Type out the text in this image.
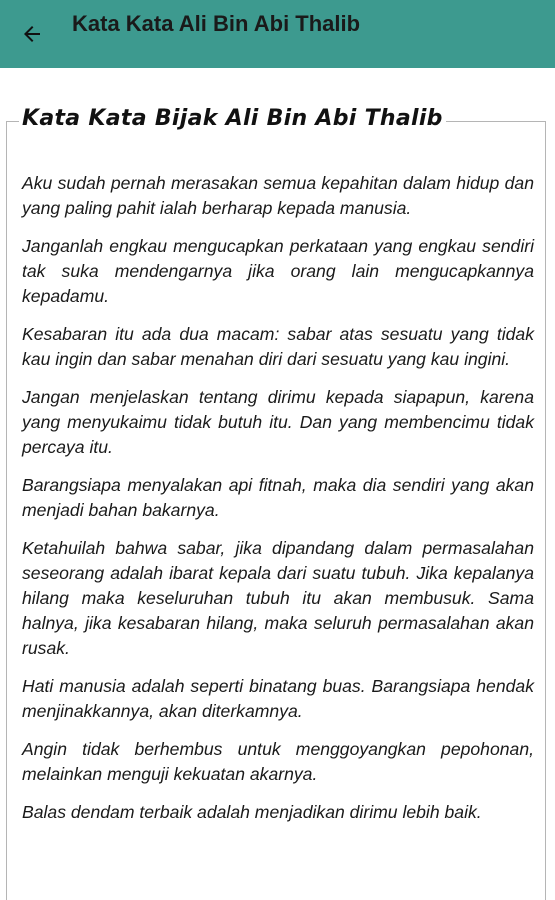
Kata Kata Ali Bin Abi Thalib
Kata Kata Bijak Ali Bin Abi Thalib

Aku sudah pernah merasakan semua kepahitan dalam hidup dan yang paling pahit ialah berharap kepada manusia.

Janganlah engkau mengucapkan perkataan yang engkau sendiri tak suka mendengarnya jika orang lain mengucapkannya kepadamu.

Kesabaran itu ada dua macam: sabar atas sesuatu yang tidak kau ingin dan sabar menahan diri dari sesuatu yang kau ingini.

Jangan menjelaskan tentang dirimu kepada siapapun, karena yang menyukaimu tidak butuh itu. Dan yang membencimu tidak percaya itu.

Barangsiapa menyalakan api fitnah, maka dia sendiri yang akan menjadi bahan bakarnya.

Ketahuilah bahwa sabar, jika dipandang dalam permasalahan seseorang adalah ibarat kepala dari suatu tubuh. Jika kepalanya hilang maka keseluruhan tubuh itu akan membusuk. Sama halnya, jika kesabaran hilang, maka seluruh permasalahan akan rusak.

Hati manusia adalah seperti binatang buas. Barangsiapa hendak menjinakkannya, akan diterkamnya.

Angin tidak berhembus untuk menggoyangkan pepohonan, melainkan menguji kekuatan akarnya.

Balas dendam terbaik adalah menjadikan dirimu lebih baik.
